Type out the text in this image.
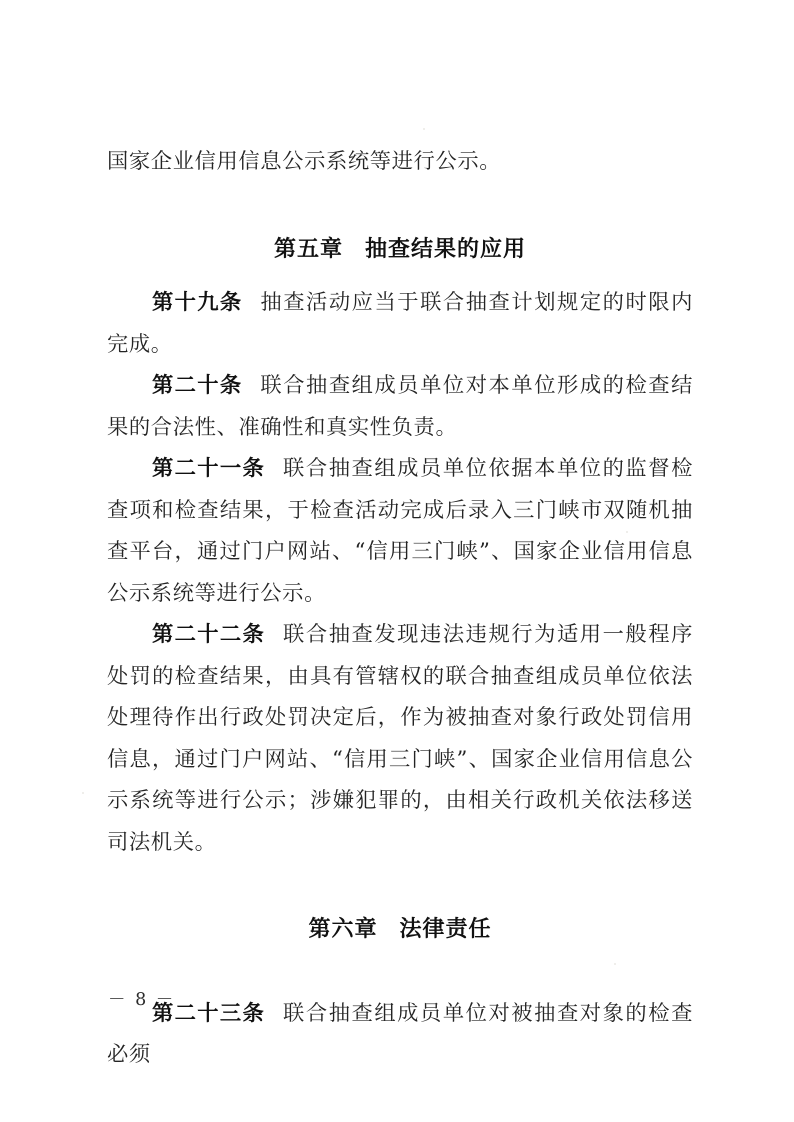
国家企业信用信息公示系统等进行公示。

第五章 抽查结果的应用

第十九条 抽查活动应当于联合抽查计划规定的时限内完成。

第二十条 联合抽查组成员单位对本单位形成的检查结果的合法性、准确性和真实性负责。

第二十一条 联合抽查组成员单位依据本单位的监督检查项和检查结果，于检查活动完成后录入三门峡市双随机抽查平台，通过门户网站、“信用三门峡”、国家企业信用信息公示系统等进行公示。

第二十二条 联合抽查发现违法违规行为适用一般程序处罚的检查结果，由具有管辖权的联合抽查组成员单位依法处理待作出行政处罚决定后，作为被抽查对象行政处罚信用信息，通过门户网站、“信用三门峡”、国家企业信用信息公示系统等进行公示；涉嫌犯罪的，由相关行政机关依法移送司法机关。

第六章 法律责任

第二十三条 联合抽查组成员单位对被抽查对象的检查必须

－ 8 －
